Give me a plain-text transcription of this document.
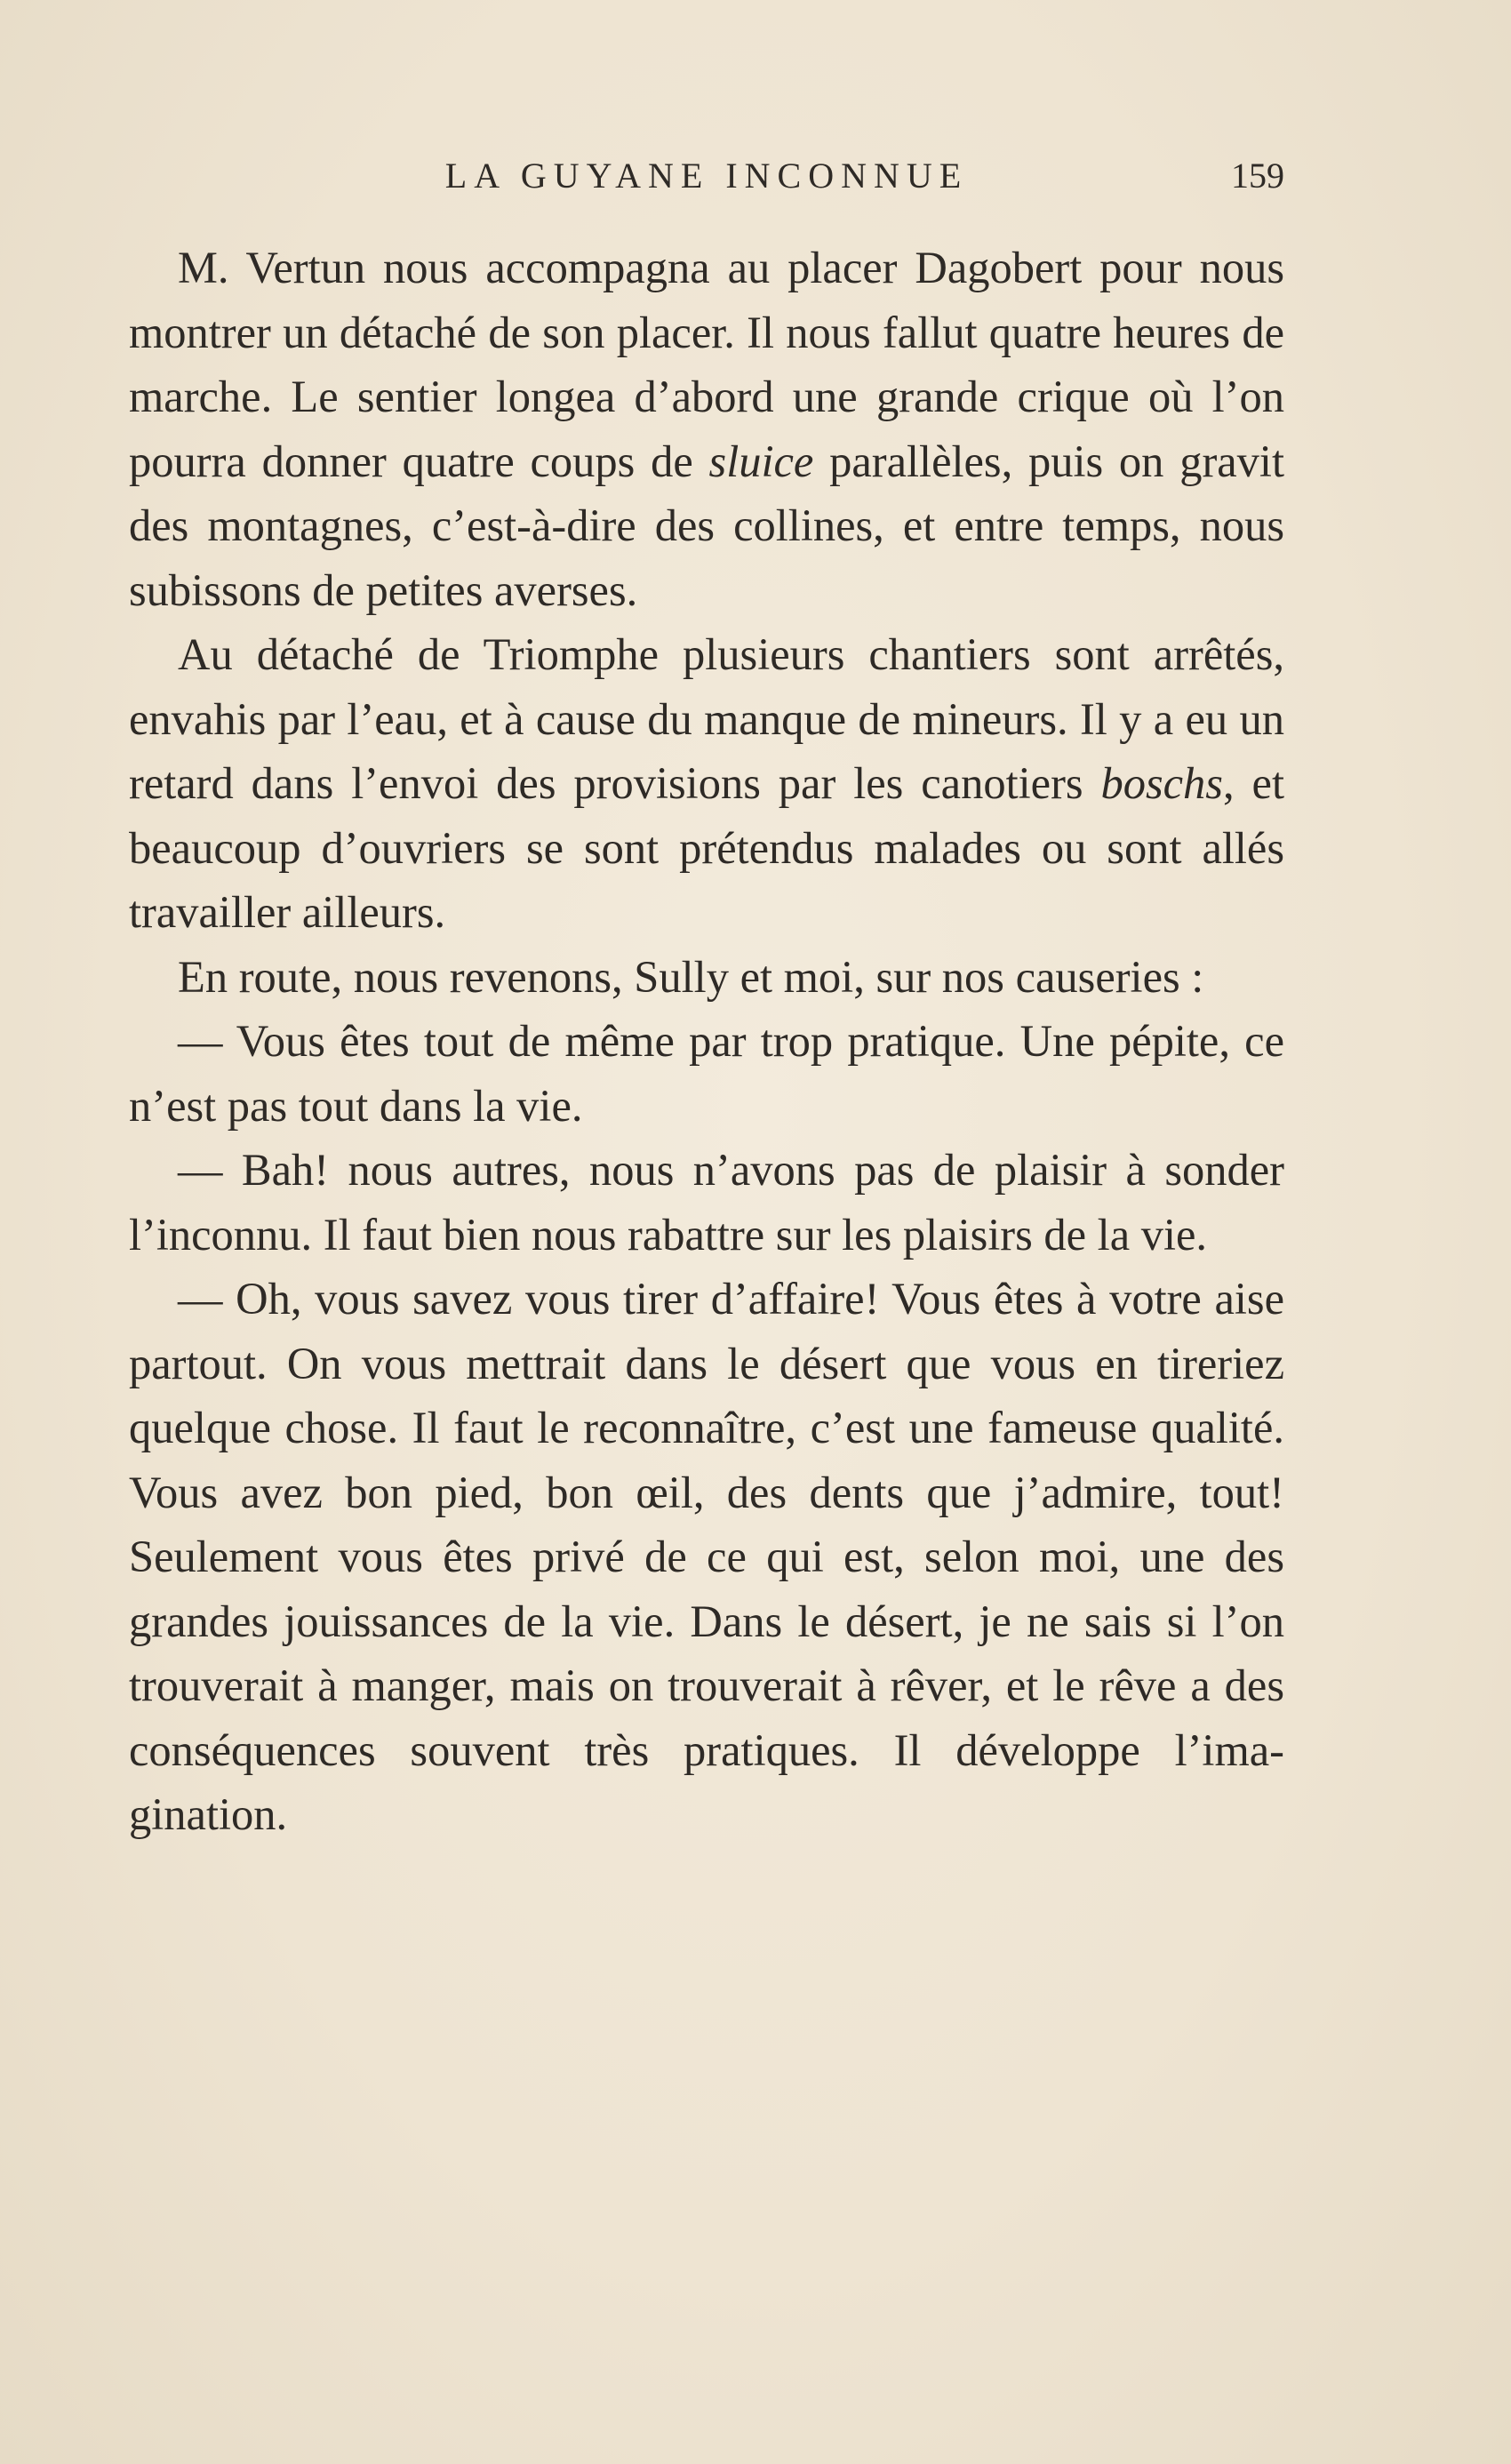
LA GUYANE INCONNUE	159

M. Vertun nous accompagna au placer Dagobert pour nous montrer un détaché de son placer. Il nous fallut quatre heures de marche. Le sentier longea d’abord une grande crique où l’on pourra donner quatre coups de sluice parallèles, puis on gravit des montagnes, c’est-à-dire des collines, et entre temps, nous subissons de petites averses.

Au détaché de Triomphe plusieurs chantiers sont arrêtés, envahis par l’eau, et à cause du manque de mineurs. Il y a eu un retard dans l’envoi des provisions par les canotiers boschs, et beaucoup d’ouvriers se sont prétendus malades ou sont allés travailler ailleurs.

En route, nous revenons, Sully et moi, sur nos causeries :

— Vous êtes tout de même par trop pratique. Une pépite, ce n’est pas tout dans la vie.

— Bah! nous autres, nous n’avons pas de plaisir à sonder l’inconnu. Il faut bien nous rabattre sur les plaisirs de la vie.

— Oh, vous savez vous tirer d’affaire! Vous êtes à votre aise partout. On vous mettrait dans le désert que vous en tireriez quelque chose. Il faut le reconnaître, c’est une fameuse qualité. Vous avez bon pied, bon œil, des dents que j’admire, tout! Seulement vous êtes privé de ce qui est, selon moi, une des grandes jouissances de la vie. Dans le désert, je ne sais si l’on trouverait à manger, mais on trouverait à rêver, et le rêve a des conséquences souvent très pratiques. Il développe l’imagination.
